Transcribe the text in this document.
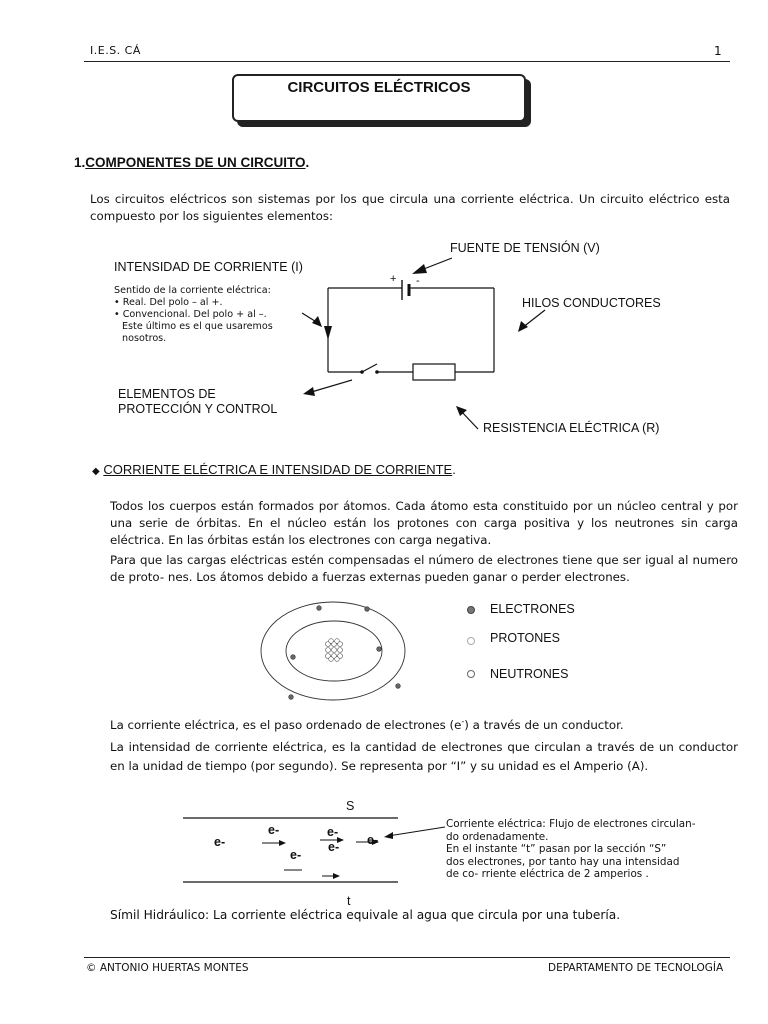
I.E.S. CÁ	1
CIRCUITOS ELÉCTRICOS
1.COMPONENTES DE UN CIRCUITO.
Los circuitos eléctricos son sistemas por los que circula una corriente eléctrica. Un circuito eléctrico esta compuesto por los siguientes elementos:
+ -
FUENTE DE TENSIÓN (V)
INTENSIDAD DE CORRIENTE (I)
Sentido de la corriente eléctrica:
• Real. Del polo – al +.
• Convencional. Del polo + al –.
Este último es el que usaremos
nosotros.
HILOS CONDUCTORES
ELEMENTOS DE
PROTECCIÓN Y CONTROL
RESISTENCIA ELÉCTRICA (R)
◆ CORRIENTE ELÉCTRICA E INTENSIDAD DE CORRIENTE.
Todos los cuerpos están formados por átomos. Cada átomo esta constituido por un núcleo central y por una serie de órbitas. En el núcleo están los protones con carga positiva y los neutrones sin carga eléctrica. En las órbitas están los electrones con carga negativa.
Para que las cargas eléctricas estén compensadas el número de electrones tiene que ser igual al numero de proto- nes. Los átomos debido a fuerzas externas pueden ganar o perder electrones.
ELECTRONES
PROTONES
NEUTRONES
La corriente eléctrica, es el paso ordenado de electrones (e-) a través de un conductor.
La intensidad de corriente eléctrica, es la cantidad de electrones que circulan a través de un conductor en la unidad de tiempo (por segundo). Se representa por “I” y su unidad es el Amperio (A).
S
t
e-
e-
e-
e-
e- e-
Corriente eléctrica: Flujo de electrones circulan-
do ordenadamente.
En el instante “t” pasan por la sección “S”
dos electrones, por tanto hay una intensidad
de co- rriente eléctrica de 2 amperios .
Símil Hidráulico: La corriente eléctrica equivale al agua que circula por una tubería.
© ANTONIO HUERTAS MONTES	DEPARTAMENTO DE TECNOLOGÍA
